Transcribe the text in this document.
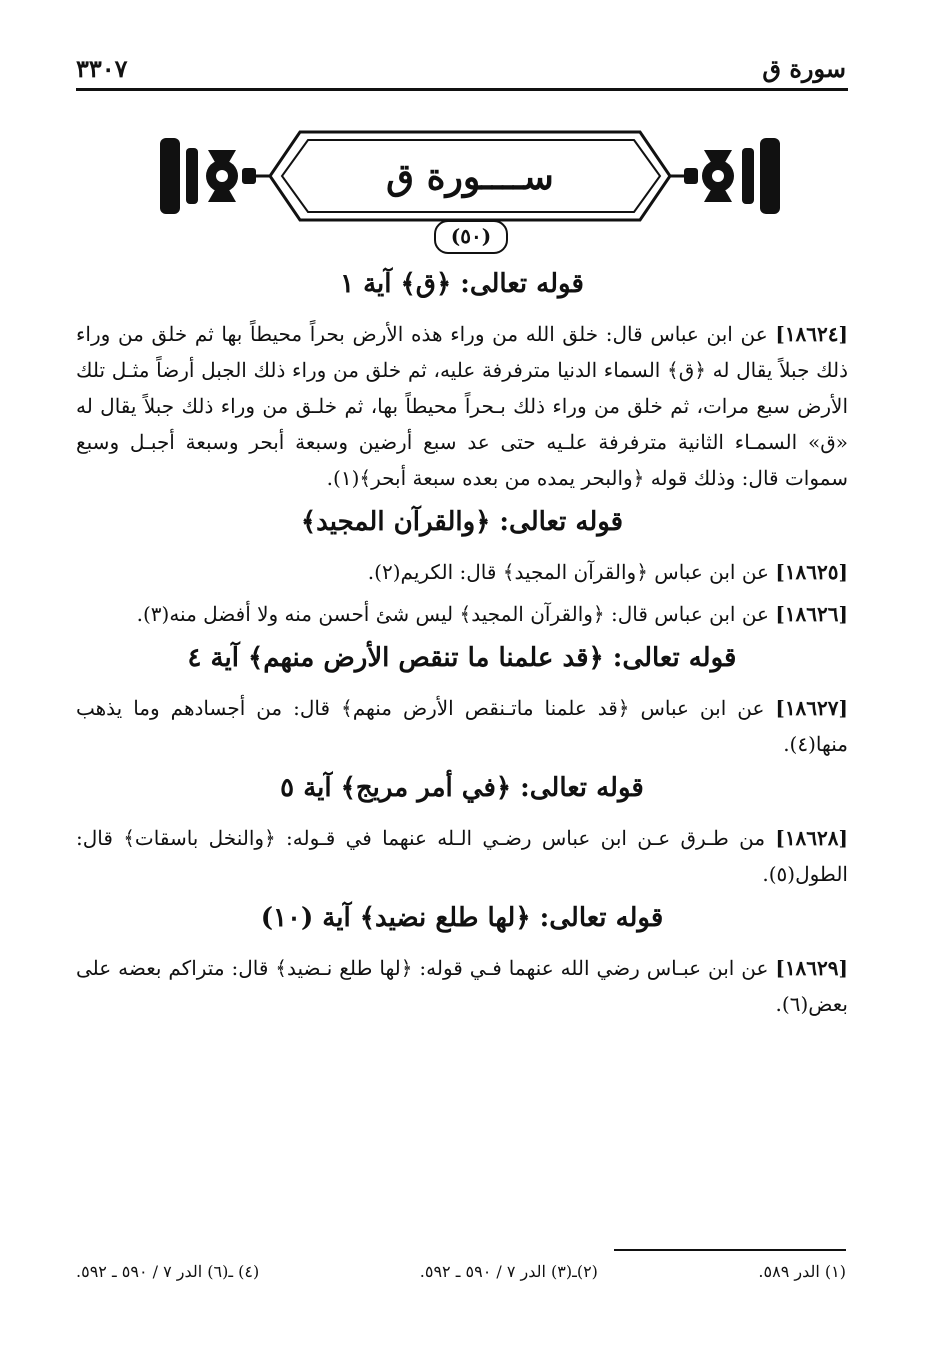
سورة ق
٣٣٠٧
ســــورة ق
(٥٠)
قوله تعالى: ﴿ق﴾ آية ١

[١٨٦٢٤] عن ابن عباس قال: خلق الله من وراء هذه الأرض بحراً محيطاً بها ثم خلق من وراء ذلك جبلاً يقال له ﴿ق﴾ السماء الدنيا مترفرفة عليه، ثم خلق من وراء ذلك الجبل أرضاً مثـل تلك الأرض سبع مرات، ثم خلق من وراء ذلك بـحراً محيطاً بها، ثم خلـق من وراء ذلك جبلاً يقال له «ق» السمـاء الثانية مترفرفة علـيه حتى عد سبع أرضين وسبعة أبحر وسبعة أجبـل وسبع سموات قال: وذلك قوله ﴿والبحر يمده من بعده سبعة أبحر﴾(١).

قوله تعالى: ﴿والقرآن المجيد﴾

[١٨٦٢٥] عن ابن عباس ﴿والقرآن المجيد﴾ قال: الكريم(٢).

[١٨٦٢٦] عن ابن عباس قال: ﴿والقرآن المجيد﴾ ليس شئ أحسن منه ولا أفضل منه(٣).

قوله تعالى: ﴿قد علمنا ما تنقص الأرض منهم﴾ آية ٤

[١٨٦٢٧] عن ابن عباس ﴿قد علمنا ماتـنقص الأرض منهم﴾ قال: من أجسادهم وما يذهب منها(٤).

قوله تعالى: ﴿في أمر مريج﴾ آية ٥

[١٨٦٢٨] من طـرق عـن ابن عباس رضـي الـله عنهما في قـوله: ﴿والنخل باسقات﴾ قال: الطول(٥).

قوله تعالى: ﴿لها طلع نضيد﴾ آية (١٠)

[١٨٦٢٩] عن ابن عبـاس رضي الله عنهما فـي قوله: ﴿لها طلع نـضيد﴾ قال: متراكم بعضه على بعض(٦).

(١) الدر ٥٨٩.
(٢)ـ(٣) الدر ٧ / ٥٩٠ ـ ٥٩٢.
(٤) ـ(٦) الدر ٧ / ٥٩٠ ـ ٥٩٢.
